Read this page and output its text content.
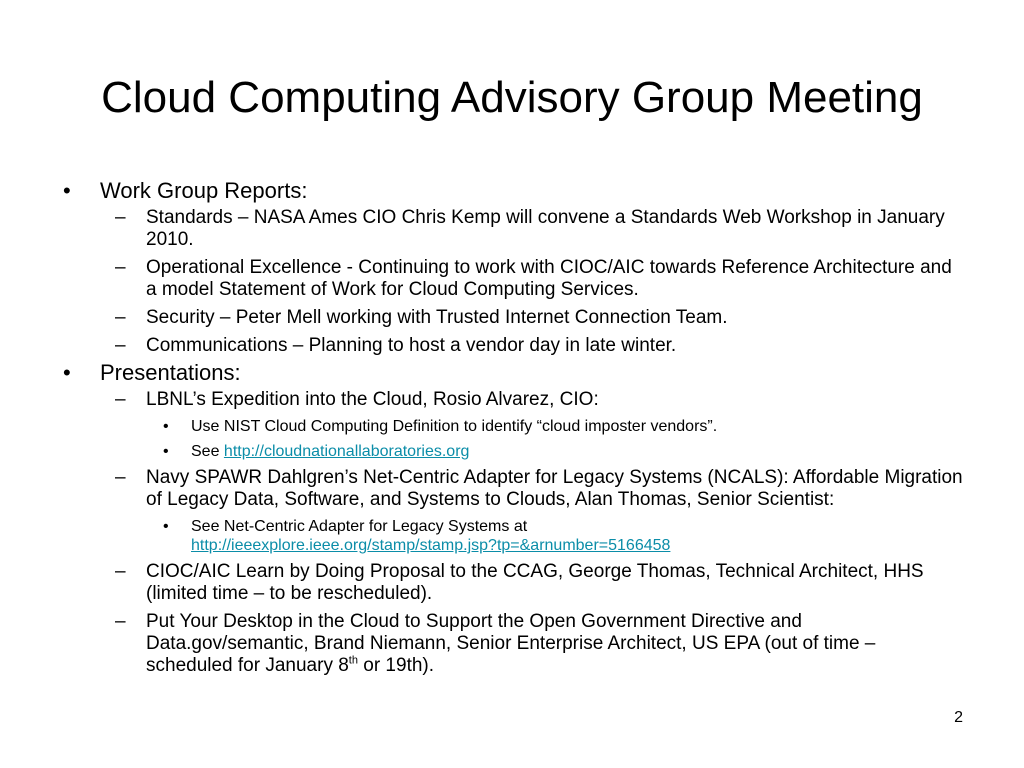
Cloud Computing Advisory Group Meeting
• Work Group Reports:
– Standards – NASA Ames CIO Chris Kemp will convene a Standards Web Workshop in January 2010.
– Operational Excellence - Continuing to work with CIOC/AIC towards Reference Architecture and a model Statement of Work for Cloud Computing Services.
– Security – Peter Mell working with Trusted Internet Connection Team.
– Communications – Planning to host a vendor day in late winter.
• Presentations:
– LBNL’s Expedition into the Cloud, Rosio Alvarez, CIO:
• Use NIST Cloud Computing Definition to identify “cloud imposter vendors”.
• See http://cloudnationallaboratories.org
– Navy SPAWR Dahlgren’s Net-Centric Adapter for Legacy Systems (NCALS): Affordable Migration of Legacy Data, Software, and Systems to Clouds, Alan Thomas, Senior Scientist:
• See Net-Centric Adapter for Legacy Systems at
http://ieeexplore.ieee.org/stamp/stamp.jsp?tp=&arnumber=5166458
– CIOC/AIC Learn by Doing Proposal to the CCAG, George Thomas, Technical Architect, HHS (limited time – to be rescheduled).
– Put Your Desktop in the Cloud to Support the Open Government Directive and Data.gov/semantic, Brand Niemann, Senior Enterprise Architect, US EPA (out of time – scheduled for January 8th or 19th).
2
